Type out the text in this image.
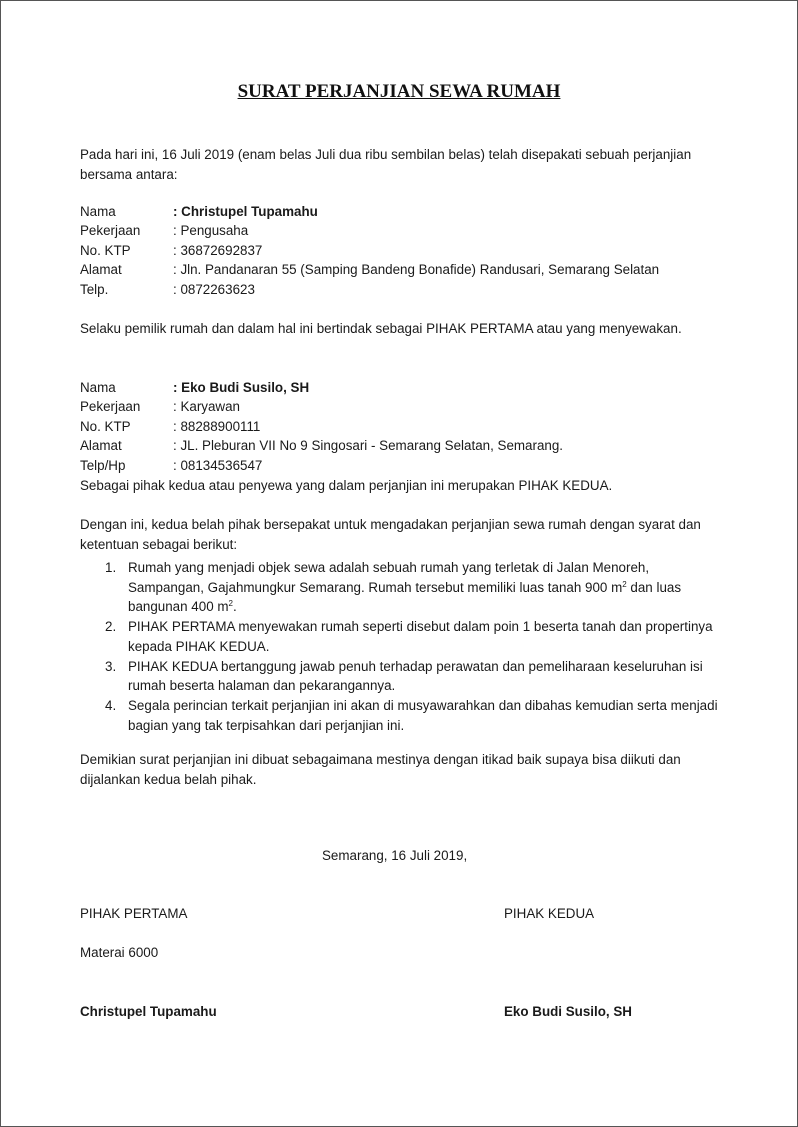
SURAT PERJANJIAN SEWA RUMAH

Pada hari ini, 16 Juli 2019 (enam belas Juli dua ribu sembilan belas) telah disepakati sebuah perjanjian bersama antara:

Nama	: Christupel Tupamahu
Pekerjaan : Pengusaha
No. KTP	: 36872692837
Alamat	: Jln. Pandanaran 55 (Samping Bandeng Bonafide) Randusari, Semarang Selatan
Telp.	: 0872263623

Selaku pemilik rumah dan dalam hal ini bertindak sebagai PIHAK PERTAMA atau yang menyewakan.

Nama	: Eko Budi Susilo, SH
Pekerjaan : Karyawan
No. KTP	: 88288900111
Alamat	: JL. Pleburan VII No 9 Singosari - Semarang Selatan, Semarang.
Telp/Hp	: 08134536547

Sebagai pihak kedua atau penyewa yang dalam perjanjian ini merupakan PIHAK KEDUA.

Dengan ini, kedua belah pihak bersepakat untuk mengadakan perjanjian sewa rumah dengan syarat dan ketentuan sebagai berikut:

1. Rumah yang menjadi objek sewa adalah sebuah rumah yang terletak di Jalan Menoreh, Sampangan, Gajahmungkur Semarang. Rumah tersebut memiliki luas tanah 900 $m^2$ dan luas bangunan 400 $m^2$.
2. PIHAK PERTAMA menyewakan rumah seperti disebut dalam poin 1 beserta tanah dan propertinya kepada PIHAK KEDUA.
3. PIHAK KEDUA bertanggung jawab penuh terhadap perawatan dan pemeliharaan keseluruhan isi rumah beserta halaman dan pekarangannya.
4. Segala perincian terkait perjanjian ini akan di musyawarahkan dan dibahas kemudian serta menjadi bagian yang tak terpisahkan dari perjanjian ini.

Demikian surat perjanjian ini dibuat sebagaimana mestinya dengan itikad baik supaya bisa diikuti dan dijalankan kedua belah pihak.

Semarang, 16 Juli 2019,
PIHAK PERTAMA	PIHAK KEDUA
Materai 6000
Christupel Tupamahu	Eko Budi Susilo, SH
